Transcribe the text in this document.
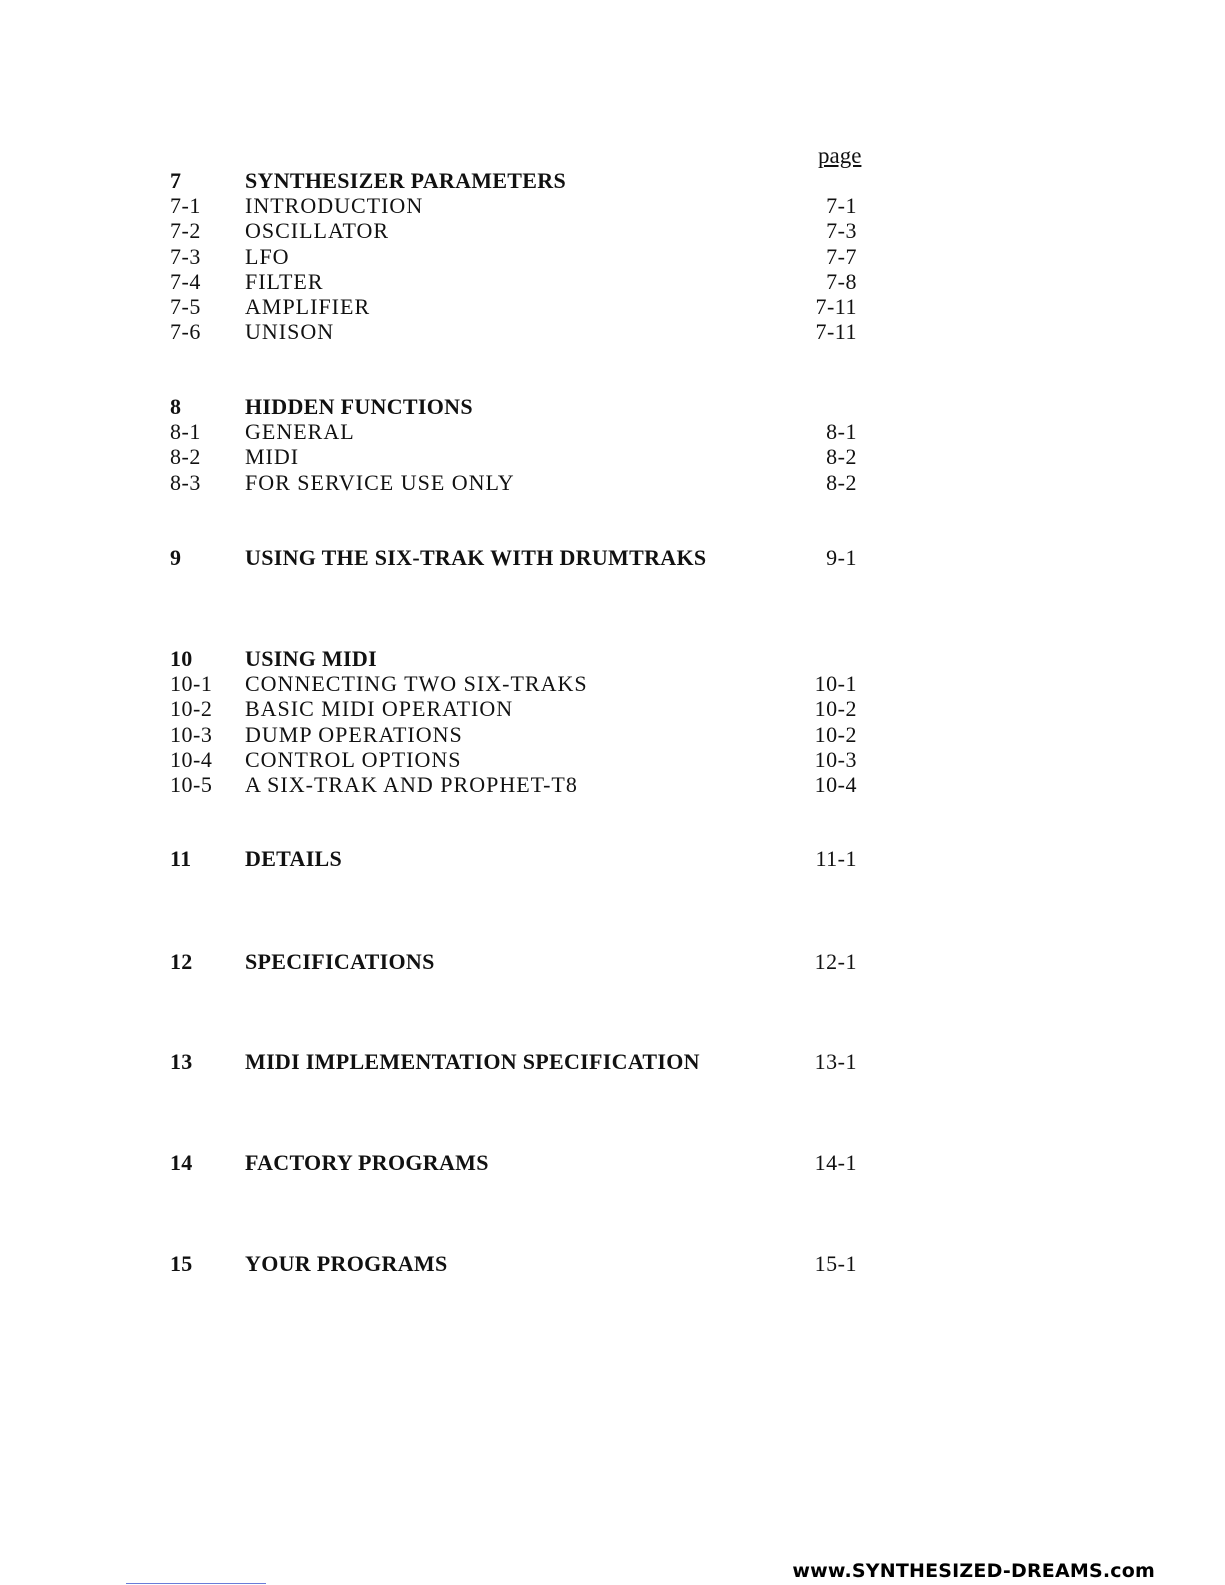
page
7	SYNTHESIZER PARAMETERS
7-1 INTRODUCTION	7-1
7-2 OSCILLATOR	7-3
7-3 LFO	7-7
7-4 FILTER	7-8
7-5 AMPLIFIER	7-11
7-6 UNISON	7-11
8	HIDDEN FUNCTIONS
8-1 GENERAL	8-1
8-2 MIDI	8-2
8-3 FOR SERVICE USE ONLY	8-2
9	USING THE SIX-TRAK WITH DRUMTRAKS	9-1
10 USING MIDI
10-1 CONNECTING TWO SIX-TRAKS	10-1
10-2 BASIC MIDI OPERATION	10-2
10-3 DUMP OPERATIONS	10-2
10-4 CONTROL OPTIONS	10-3
10-5 A SIX-TRAK AND PROPHET-T8	10-4
11 DETAILS	11-1
12 SPECIFICATIONS	12-1
13 MIDI IMPLEMENTATION SPECIFICATION	13-1
14 FACTORY PROGRAMS	14-1
15 YOUR PROGRAMS	15-1
www.SYNTHESIZED-DREAMS.com
